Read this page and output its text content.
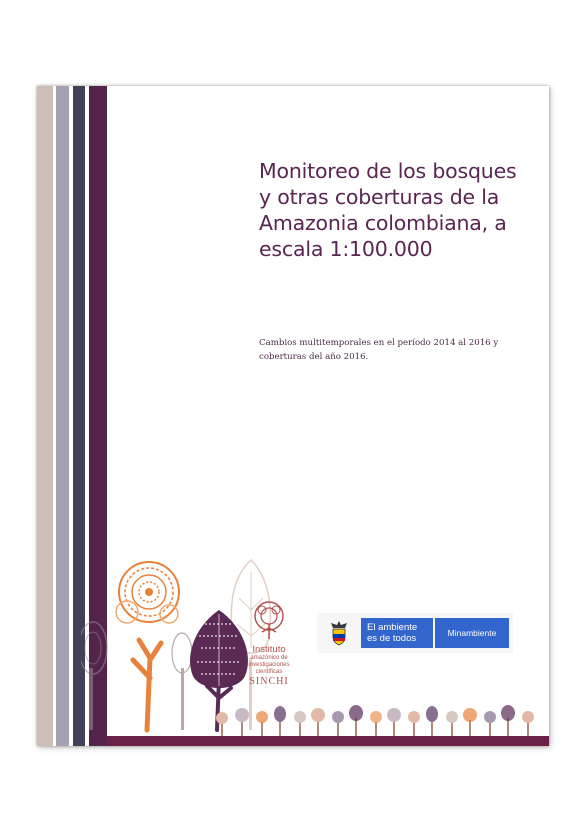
Monitoreo de los bosques y otras coberturas de la Amazonia colombiana, a escala 1:100.000

Cambios multitemporales en el período 2014 al 2016 y coberturas del año 2016.

Instituto

amazónico de investigaciones científicas

SINCHI

El ambiente

es de todos	Minambiente
